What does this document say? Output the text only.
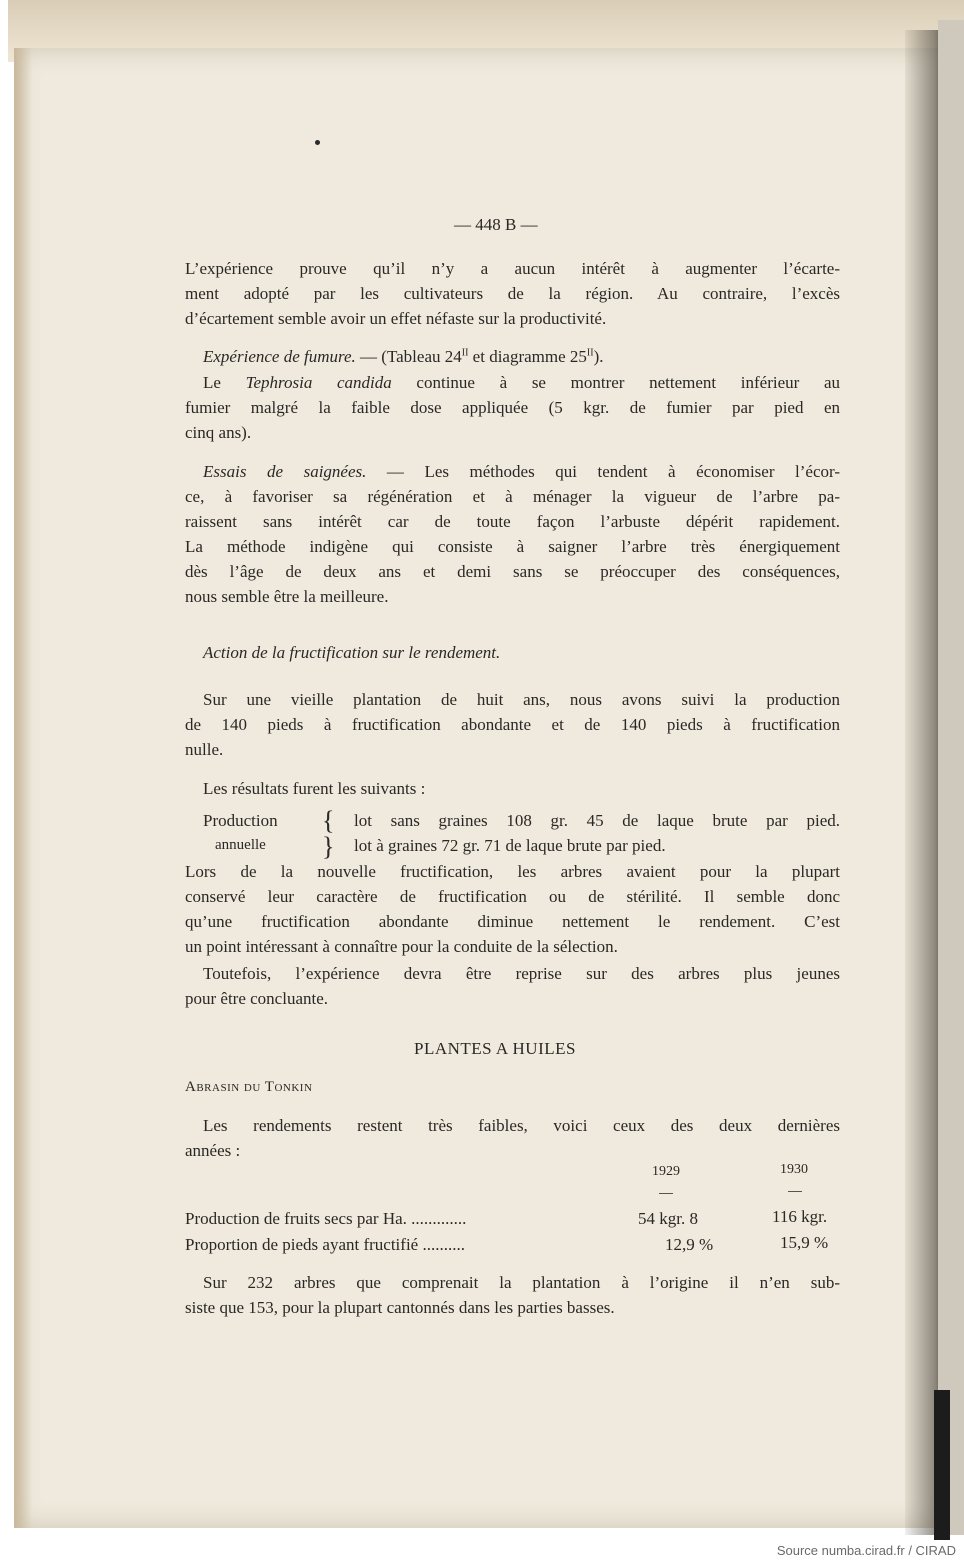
— 448 B —
L’expérience prouve qu’il n’y a aucun intérêt à augmenter l’écarte-
ment adopté par les cultivateurs de la région. Au contraire, l’excès
d’écartement semble avoir un effet néfaste sur la productivité.
Expérience de fumure. — (Tableau $24^{II}$ et diagramme $25^{II}$).
Le Tephrosia candida continue à se montrer nettement inférieur au
fumier malgré la faible dose appliquée (5 kgr. de fumier par pied en
cinq ans).
Essais de saignées. — Les méthodes qui tendent à économiser l’écor-
ce, à favoriser sa régénération et à ménager la vigueur de l’arbre pa-
raissent sans intérêt car de toute façon l’arbuste dépérit rapidement.
La méthode indigène qui consiste à saigner l’arbre très énergiquement
dès l’âge de deux ans et demi sans se préoccuper des conséquences,
nous semble être la meilleure.
Action de la fructification sur le rendement.
Sur une vieille plantation de huit ans, nous avons suivi la production
de 140 pieds à fructification abondante et de 140 pieds à fructification
nulle.
Les résultats furent les suivants :
Production
annuelle
{
}
lot sans graines 108 gr. 45 de laque brute par pied.
lot à graines 72 gr. 71 de laque brute par pied.
Lors de la nouvelle fructification, les arbres avaient pour la plupart
conservé leur caractère de fructification ou de stérilité. Il semble donc
qu’une fructification abondante diminue nettement le rendement. C’est
un point intéressant à connaître pour la conduite de la sélection.
Toutefois, l’expérience devra être reprise sur des arbres plus jeunes
pour être concluante.
PLANTES A HUILES
Abrasin du Tonkin
Les rendements restent très faibles, voici ceux des deux dernières
années :
1929	1930
Production de fruits secs par Ha. .............	54 kgr. 8	116 kgr.
Proportion de pieds ayant fructifié ..........	12,9 %	15,9 %
Sur 232 arbres que comprenait la plantation à l’origine il n’en sub-
siste que 153, pour la plupart cantonnés dans les parties basses.
Source numba.cirad.fr / CIRAD
